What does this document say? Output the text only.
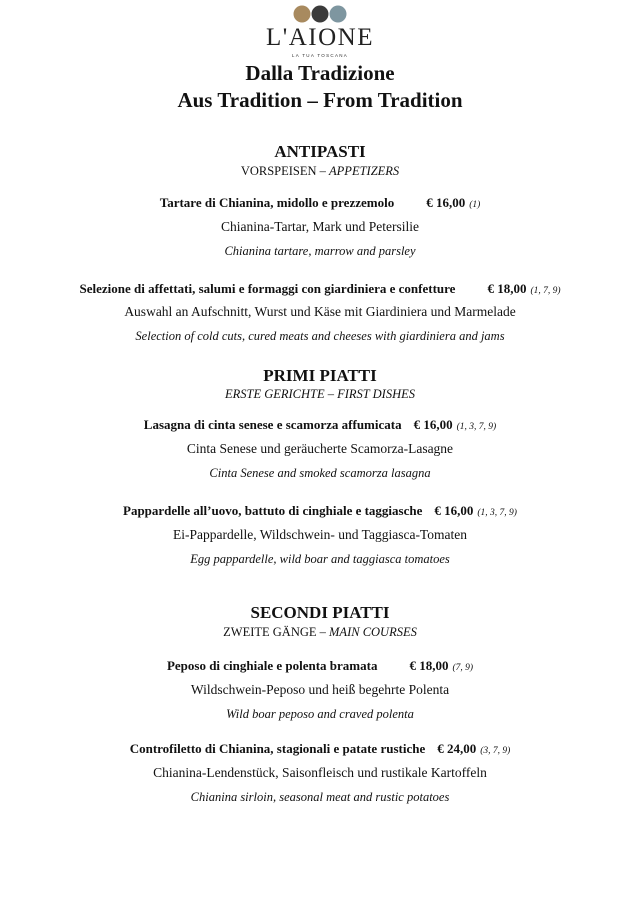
L'AIONE
LA TUA TOSCANA
Dalla Tradizione
Aus Tradition – From Tradition
ANTIPASTI
VORSPEISEN – APPETIZERS
Tartare di Chianina, midollo e prezzemolo € 16,00 (1)
Chianina-Tartar, Mark und Petersilie
Chianina tartare, marrow and parsley
Selezione di affettati, salumi e formaggi con giardiniera e confetture € 18,00 (1, 7, 9)
Auswahl an Aufschnitt, Wurst und Käse mit Giardiniera und Marmelade
Selection of cold cuts, cured meats and cheeses with giardiniera and jams
PRIMI PIATTI
ERSTE GERICHTE – FIRST DISHES
Lasagna di cinta senese e scamorza affumicata € 16,00 (1, 3, 7, 9)
Cinta Senese und geräucherte Scamorza-Lasagne
Cinta Senese and smoked scamorza lasagna
Pappardelle all’uovo, battuto di cinghiale e taggiasche € 16,00 (1, 3, 7, 9)
Ei-Pappardelle, Wildschwein- und Taggiasca-Tomaten
Egg pappardelle, wild boar and taggiasca tomatoes
SECONDI PIATTI
ZWEITE GÄNGE – MAIN COURSES
Peposo di cinghiale e polenta bramata € 18,00 (7, 9)
Wildschwein-Peposo und heiß begehrte Polenta
Wild boar peposo and craved polenta
Controfiletto di Chianina, stagionali e patate rustiche € 24,00 (3, 7, 9)
Chianina-Lendenstück, Saisonfleisch und rustikale Kartoffeln
Chianina sirloin, seasonal meat and rustic potatoes
